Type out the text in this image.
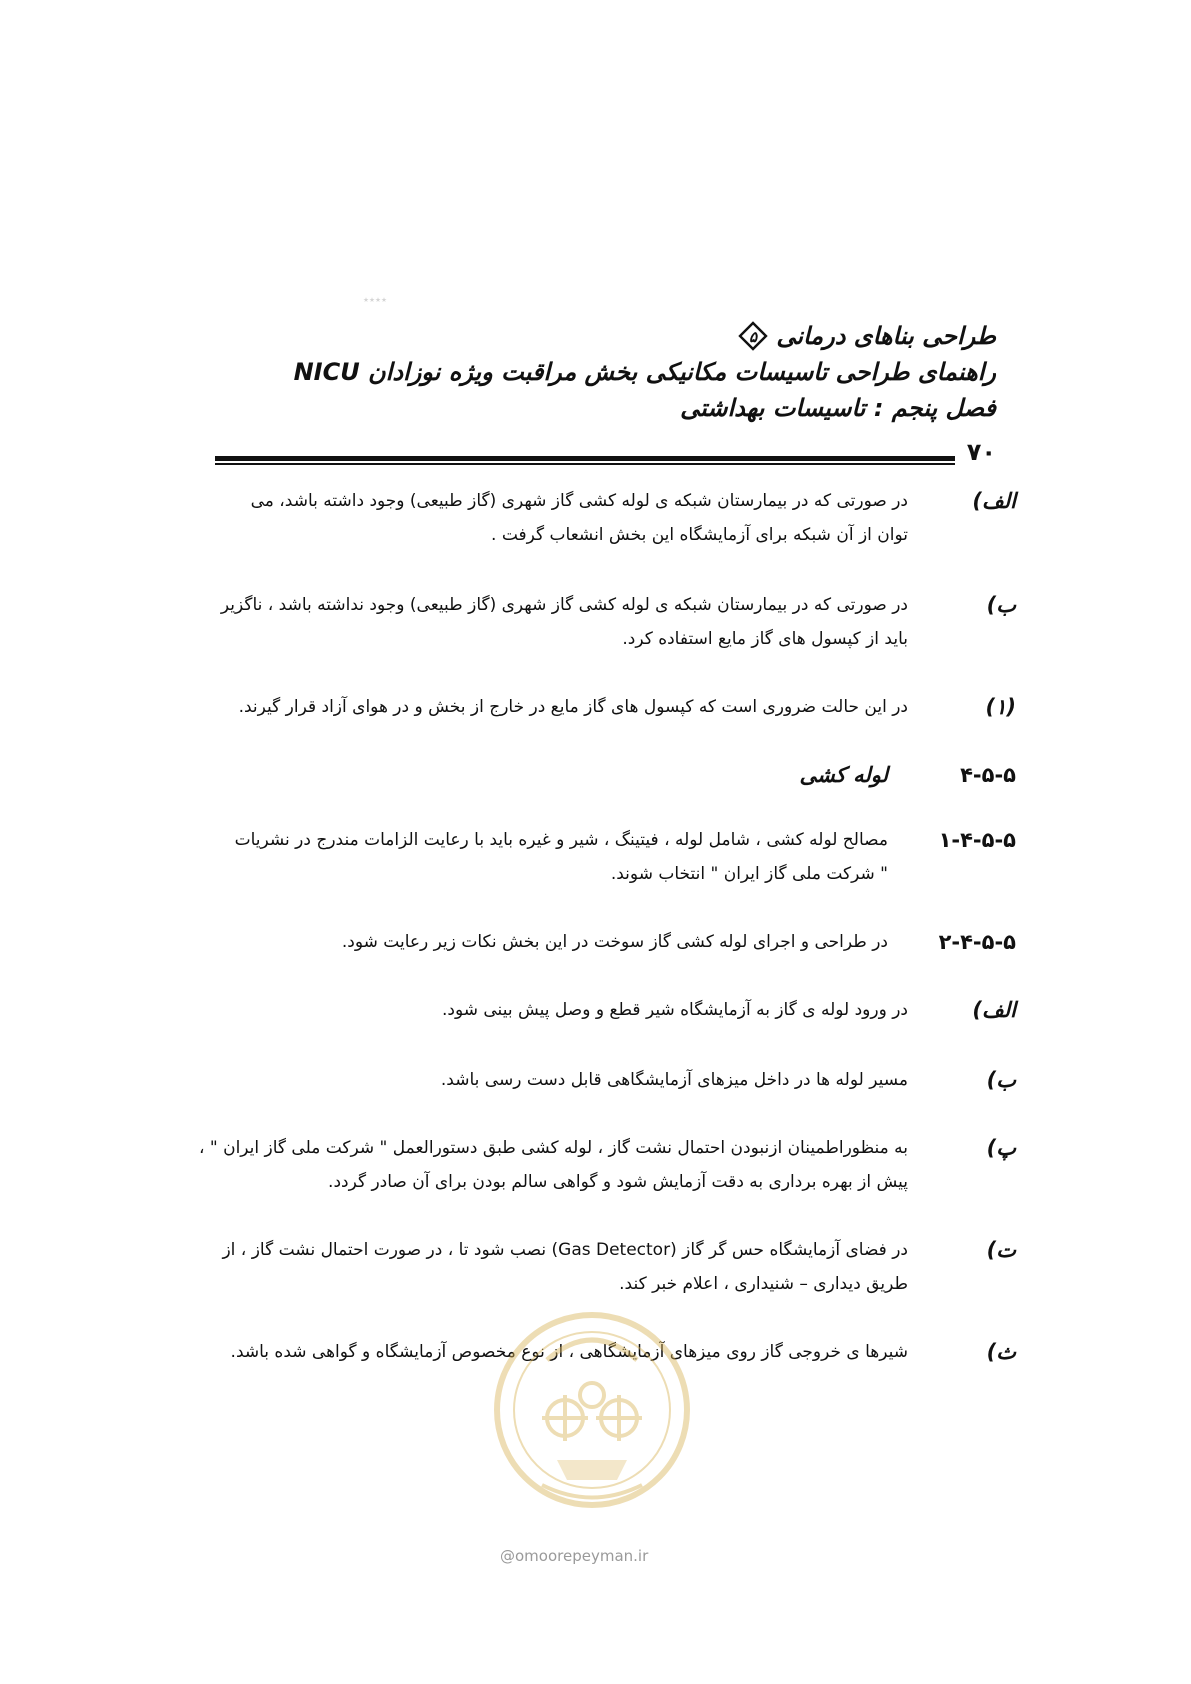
٭٭٭٭
طراحی بناهای درمانی
۵
راهنمای طراحی تاسیسات مکانیکی بخش مراقبت ویژه نوزادان NICU
فصل پنجم : تاسیسات بهداشتی
۷۰
الف)
در صورتی که در بیمارستان شبکه ی لوله کشی گاز شهری (گاز طبیعی) وجود داشته باشد، می
توان از آن شبکه برای آزمایشگاه این بخش انشعاب گرفت .
ب)
در صورتی که در بیمارستان شبکه ی لوله کشی گاز شهری (گاز طبیعی) وجود نداشته باشد ، ناگزیر
باید از کپسول های گاز مایع استفاده کرد.
(۱)
در این حالت ضروری است که کپسول های گاز مایع در خارج از بخش و در هوای آزاد قرار گیرند.
۴-۵-۵
لوله کشی
۱-۴-۵-۵
مصالح لوله کشی ، شامل لوله ، فیتینگ ، شیر و غیره باید با رعایت الزامات مندرج در نشریات
" شرکت ملی گاز ایران " انتخاب شوند.
۲-۴-۵-۵
در طراحی و اجرای لوله کشی گاز سوخت در این بخش نکات زیر رعایت شود.
الف)
در ورود لوله ی گاز به آزمایشگاه شیر قطع و وصل پیش بینی شود.
ب)
مسیر لوله ها در داخل میزهای آزمایشگاهی قابل دست رسی باشد.
پ)
به منظوراطمینان ازنبودن احتمال نشت گاز ، لوله کشی طبق دستورالعمل " شرکت ملی گاز ایران " ،
پیش از بهره برداری به دقت آزمایش شود و گواهی سالم بودن برای آن صادر گردد.
ت)
در فضای آزمایشگاه حس گر گاز (Gas Detector) نصب شود تا ، در صورت احتمال نشت گاز ، از
طریق دیداری – شنیداری ، اعلام خبر کند.
ث)
شیرها ی خروجی گاز روی میزهای آزمایشگاهی ، از نوع مخصوص آزمایشگاه و گواهی شده باشد.
@omoorepeyman.ir
